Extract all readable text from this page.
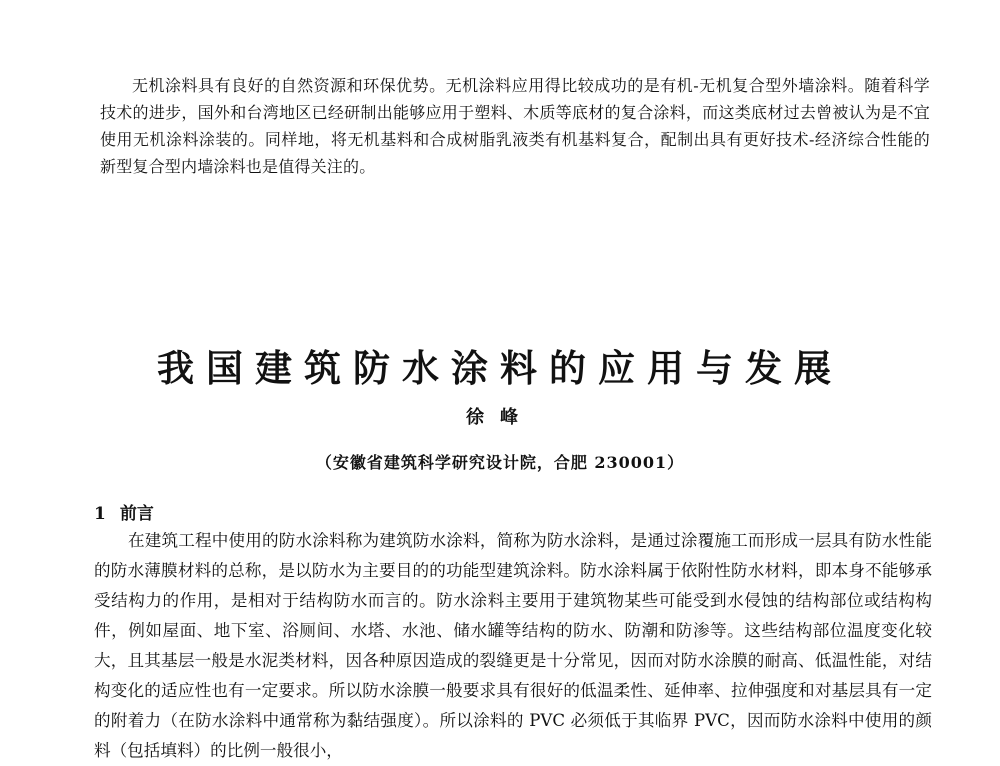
无机涂料具有良好的自然资源和环保优势。无机涂料应用得比较成功的是有机-无机复合型外墙涂料。随着科学技术的进步，国外和台湾地区已经研制出能够应用于塑料、木质等底材的复合涂料，而这类底材过去曾被认为是不宜使用无机涂料涂装的。同样地，将无机基料和合成树脂乳液类有机基料复合，配制出具有更好技术-经济综合性能的新型复合型内墙涂料也是值得关注的。

我国建筑防水涂料的应用与发展
徐峰
（安徽省建筑科学研究设计院，合肥 230001）
1 前言

在建筑工程中使用的防水涂料称为建筑防水涂料，简称为防水涂料，是通过涂覆施工而形成一层具有防水性能的防水薄膜材料的总称，是以防水为主要目的的功能型建筑涂料。防水涂料属于依附性防水材料，即本身不能够承受结构力的作用，是相对于结构防水而言的。防水涂料主要用于建筑物某些可能受到水侵蚀的结构部位或结构构件，例如屋面、地下室、浴厕间、水塔、水池、储水罐等结构的防水、防潮和防渗等。这些结构部位温度变化较大，且其基层一般是水泥类材料，因各种原因造成的裂缝更是十分常见，因而对防水涂膜的耐高、低温性能，对结构变化的适应性也有一定要求。所以防水涂膜一般要求具有很好的低温柔性、延伸率、拉伸强度和对基层具有一定的附着力（在防水涂料中通常称为黏结强度）。所以涂料的 PVC 必须低于其临界 PVC，因而防水涂料中使用的颜料（包括填料）的比例一般很小，
